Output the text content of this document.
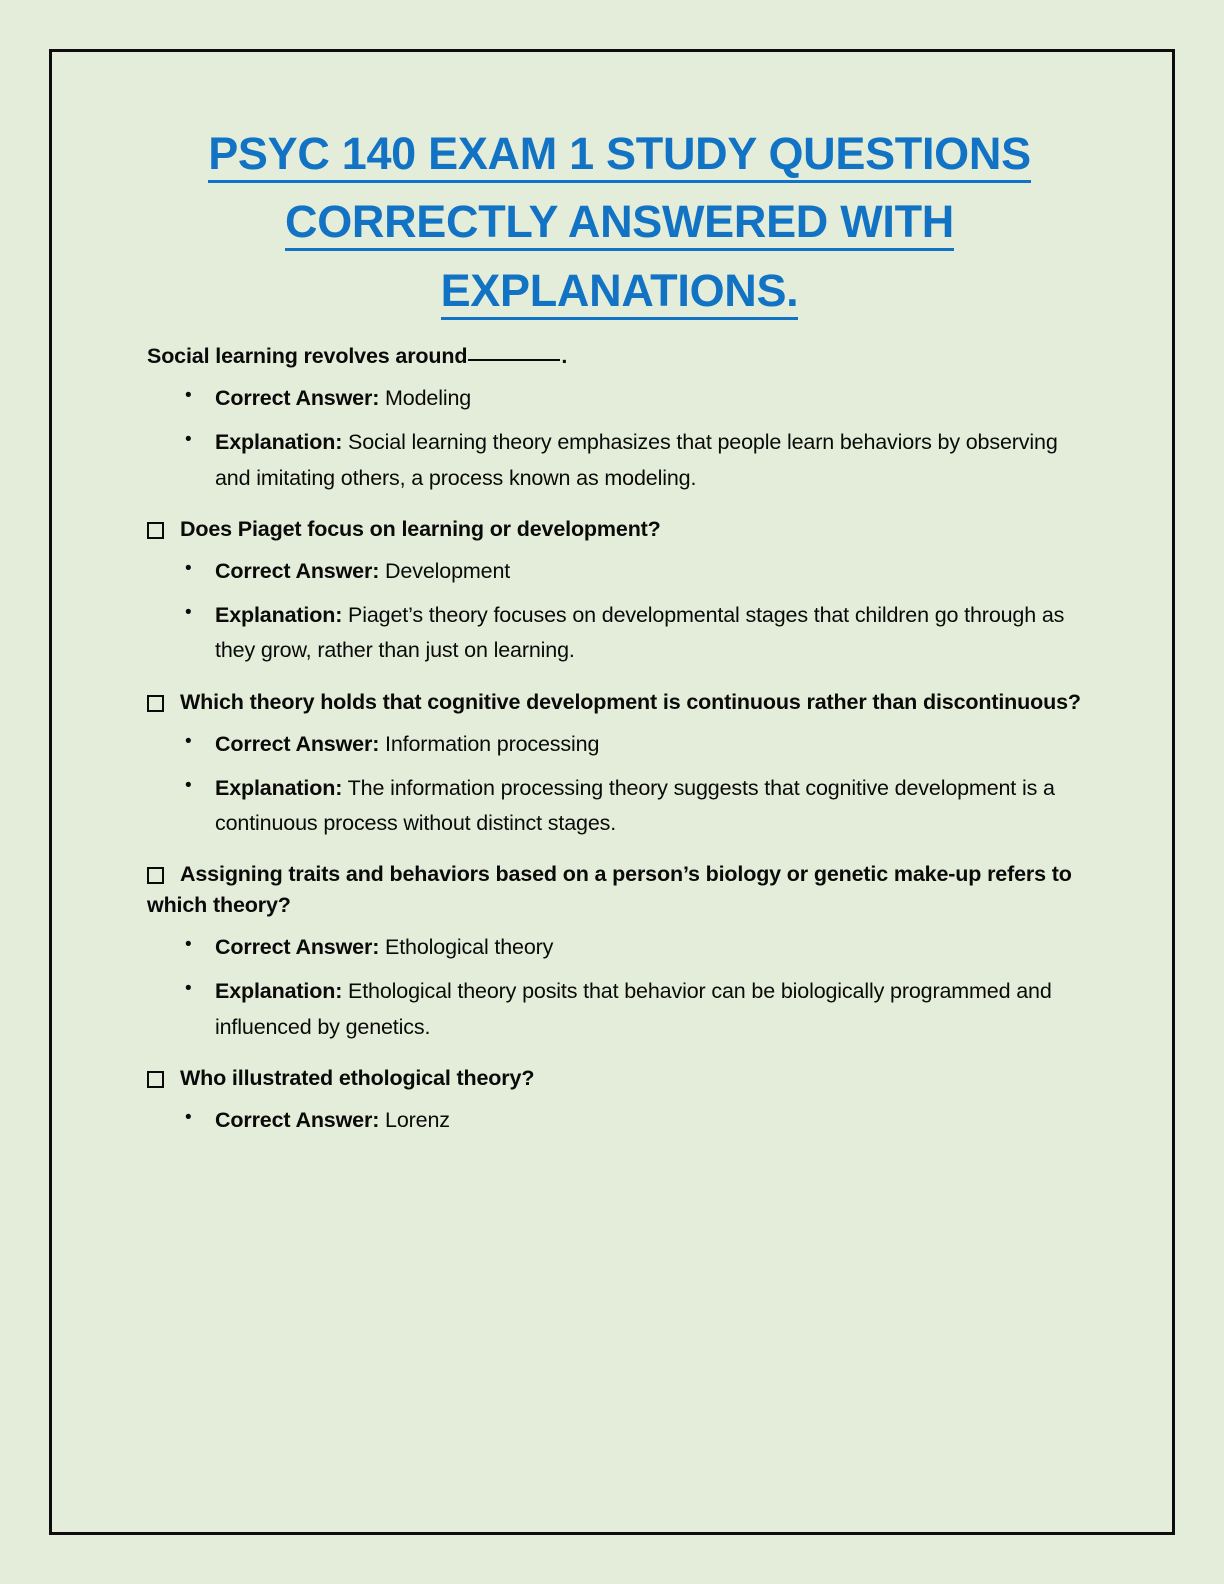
PSYC 140 EXAM 1 STUDY QUESTIONS
CORRECTLY ANSWERED WITH
EXPLANATIONS.

Social learning revolves around	.

• Correct Answer: Modeling
• Explanation: Social learning theory emphasizes that people learn behaviors by observing and imitating others, a process known as modeling.

Does Piaget focus on learning or development?

• Correct Answer: Development
• Explanation: Piaget’s theory focuses on developmental stages that children go through as they grow, rather than just on learning.

Which theory holds that cognitive development is continuous rather than discontinuous?

• Correct Answer: Information processing
• Explanation: The information processing theory suggests that cognitive development is a continuous process without distinct stages.

Assigning traits and behaviors based on a person’s biology or genetic make-up refers to which theory?

• Correct Answer: Ethological theory
• Explanation: Ethological theory posits that behavior can be biologically programmed and influenced by genetics.

Who illustrated ethological theory?

• Correct Answer: Lorenz
